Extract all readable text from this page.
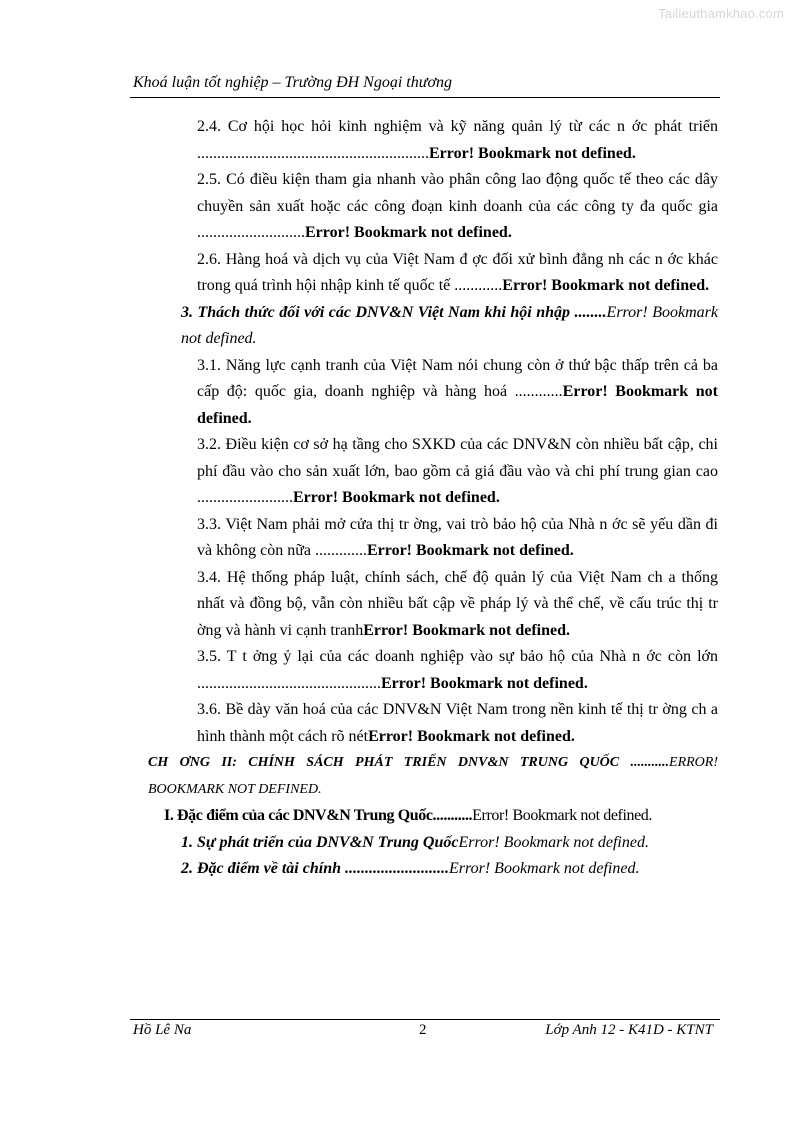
Tailieuthamkhao.com
Khoá luận tốt nghiệp – Trường ĐH Ngoại thương
2.4. Cơ hội học hỏi kinh nghiệm và kỹ năng quản lý từ các n ớc phát triển ..........................................................Error! Bookmark not defined.
2.5. Có điều kiện tham gia nhanh vào phân công lao động quốc tế theo các dây chuyền sản xuất hoặc các công đoạn kinh doanh của các công ty đa quốc gia ...........................Error! Bookmark not defined.
2.6. Hàng hoá và dịch vụ của Việt Nam đ ợc đối xử bình đẳng nh các n ớc khác trong quá trình hội nhập kinh tế quốc tế ............Error! Bookmark not defined.
3. Thách thức đối với các DNV&N Việt Nam khi hội nhập ........Error! Bookmark not defined.
3.1. Năng lực cạnh tranh của Việt Nam nói chung còn ở thứ bậc thấp trên cả ba cấp độ: quốc gia, doanh nghiệp và hàng hoá ............Error! Bookmark not defined.
3.2. Điều kiện cơ sở hạ tầng cho SXKD của các DNV&N còn nhiều bất cập, chi phí đầu vào cho sản xuất lớn, bao gồm cả giá đầu vào và chi phí trung gian cao ........................Error! Bookmark not defined.
3.3. Việt Nam phải mở cửa thị tr ờng, vai trò bảo hộ của Nhà n ớc sẽ yếu dần đi và không còn nữa .............Error! Bookmark not defined.
3.4. Hệ thống pháp luật, chính sách, chế độ quản lý của Việt Nam ch a thống nhất và đồng bộ, vẫn còn nhiều bất cập về pháp lý và thể chế, về cấu trúc thị tr ờng và hành vi cạnh tranhError! Bookmark not defined.
3.5. T t ởng ỷ lại của các doanh nghiệp vào sự bảo hộ của Nhà n ớc còn lớn ..............................................Error! Bookmark not defined.
3.6. Bề dày văn hoá của các DNV&N Việt Nam trong nền kinh tế thị tr ờng ch a hình thành một cách rõ nétError! Bookmark not defined.
CH ƠNG II: CHÍNH SÁCH PHÁT TRIỂN DNV&N TRUNG QUỐC ...........ERROR! BOOKMARK NOT DEFINED.
I. Đặc điểm của các DNV&N Trung Quốc...........Error! Bookmark not defined.
1. Sự phát triển của DNV&N Trung QuốcError! Bookmark not defined.
2. Đặc điểm về tài chính ..........................Error! Bookmark not defined.
Hồ Lê Na	2	Lớp Anh 12 - K41D - KTNT
